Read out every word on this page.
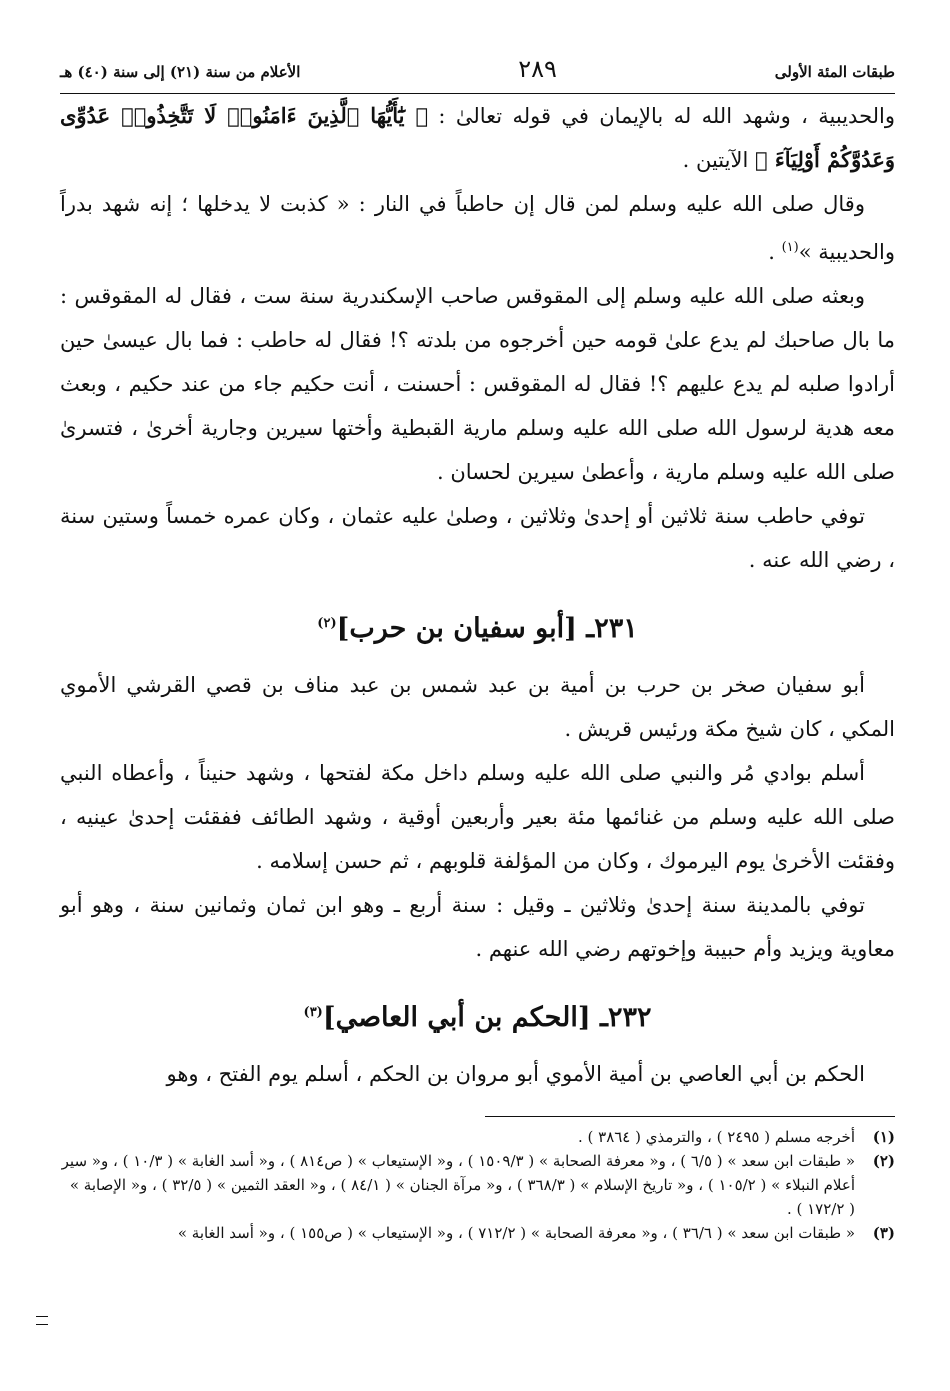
طبقات المئة الأولى
٢٨٩
الأعلام من سنة (٢١) إلى سنة (٤٠) هـ

والحديبية ، وشهد الله له بالإيمان في قوله تعالىٰ : ﴿ يَٰٓأَيُّهَا ٱلَّذِينَ ءَامَنُوا۟ لَا تَتَّخِذُوا۟ عَدُوِّى وَعَدُوَّكُمْ أَوْلِيَآءَ ﴾ الآيتين .

وقال صلى الله عليه وسلم لمن قال إن حاطباً في النار : « كذبت لا يدخلها ؛ إنه شهد بدراً والحديبية »$^{(١)}$ .

وبعثه صلى الله عليه وسلم إلى المقوقس صاحب الإسكندرية سنة ست ، فقال له المقوقس : ما بال صاحبك لم يدع علىٰ قومه حين أخرجوه من بلدته ؟! فقال له حاطب : فما بال عيسىٰ حين أرادوا صلبه لم يدع عليهم ؟! فقال له المقوقس : أحسنت ، أنت حكيم جاء من عند حكيم ، وبعث معه هدية لرسول الله صلى الله عليه وسلم مارية القبطية وأختها سيرين وجارية أخرىٰ ، فتسرىٰ صلى الله عليه وسلم مارية ، وأعطىٰ سيرين لحسان .

توفي حاطب سنة ثلاثين أو إحدىٰ وثلاثين ، وصلىٰ عليه عثمان ، وكان عمره خمساً وستين سنة ، رضي الله عنه .

٢٣١ـ [أبو سفيان بن حرب]$^{(٢)}$

أبو سفيان صخر بن حرب بن أمية بن عبد شمس بن عبد مناف بن قصي القرشي الأموي المكي ، كان شيخ مكة ورئيس قريش .

أسلم بوادي مُر والنبي صلى الله عليه وسلم داخل مكة لفتحها ، وشهد حنيناً ، وأعطاه النبي صلى الله عليه وسلم من غنائمها مئة بعير وأربعين أوقية ، وشهد الطائف ففقئت إحدىٰ عينيه ، وفقئت الأخرىٰ يوم اليرموك ، وكان من المؤلفة قلوبهم ، ثم حسن إسلامه .

توفي بالمدينة سنة إحدىٰ وثلاثين ـ وقيل : سنة أربع ـ وهو ابن ثمان وثمانين سنة ، وهو أبو معاوية ويزيد وأم حبيبة وإخوتهم رضي الله عنهم .

٢٣٢ـ [الحكم بن أبي العاصي]$^{(٣)}$

الحكم بن أبي العاصي بن أمية الأموي أبو مروان بن الحكم ، أسلم يوم الفتح ، وهو

(١)
أخرجه مسلم ( ٢٤٩٥ ) ، والترمذي ( ٣٨٦٤ ) .
(٢)
« طبقات ابن سعد » ( ٦/٥ ) ، و« معرفة الصحابة » ( ١٥٠٩/٣ ) ، و« الإستيعاب » ( ص٨١٤ ) ، و« أسد الغابة » ( ١٠/٣ ) ، و« سير أعلام النبلاء » ( ١٠٥/٢ ) ، و« تاريخ الإسلام » ( ٣٦٨/٣ ) ، و« مرآة الجنان » ( ٨٤/١ ) ، و« العقد الثمين » ( ٣٢/٥ ) ، و« الإصابة » ( ١٧٢/٢ ) .
(٣)
« طبقات ابن سعد » ( ٣٦/٦ ) ، و« معرفة الصحابة » ( ٧١٢/٢ ) ، و« الإستيعاب » ( ص١٥٥ ) ، و« أسد الغابة »
